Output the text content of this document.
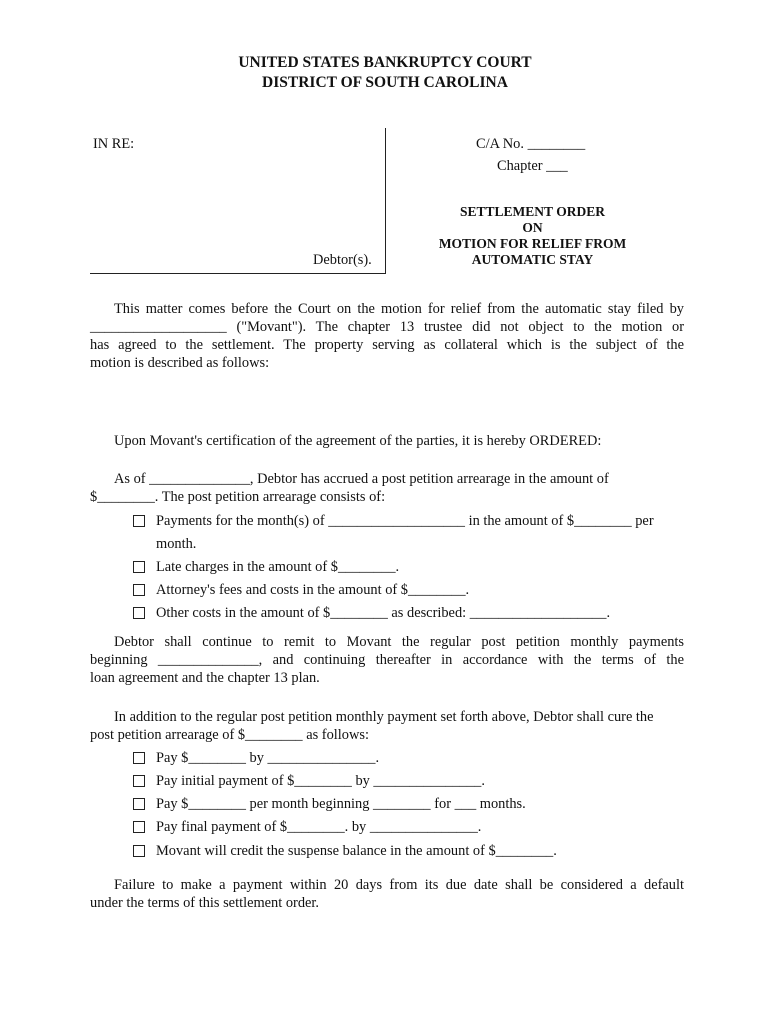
UNITED STATES BANKRUPTCY COURT
DISTRICT OF SOUTH CAROLINA
IN RE:
Debtor(s).
C/A No. ________
Chapter ___
SETTLEMENT ORDER
ON
MOTION FOR RELIEF FROM
AUTOMATIC STAY
This matter comes before the Court on the motion for relief from the automatic stay filed by
___________________ ("Movant"). The chapter 13 trustee did not object to the motion or
has agreed to the settlement. The property serving as collateral which is the subject of the
motion is described as follows:
Upon Movant's certification of the agreement of the parties, it is hereby ORDERED:
As of ______________, Debtor has accrued a post petition arrearage in the amount of
$________. The post petition arrearage consists of:
Payments for the month(s) of ___________________ in the amount of $________ per
month.
Late charges in the amount of $________.
Attorney's fees and costs in the amount of $________.
Other costs in the amount of $________ as described: ___________________.
Debtor shall continue to remit to Movant the regular post petition monthly payments
beginning ______________, and continuing thereafter in accordance with the terms of the
loan agreement and the chapter 13 plan.
In addition to the regular post petition monthly payment set forth above, Debtor shall cure the
post petition arrearage of $________ as follows:
Pay $________ by _______________.
Pay initial payment of $________ by _______________.
Pay $________ per month beginning ________ for ___ months.
Pay final payment of $________. by _______________.
Movant will credit the suspense balance in the amount of $________.
Failure to make a payment within 20 days from its due date shall be considered a default
under the terms of this settlement order.
